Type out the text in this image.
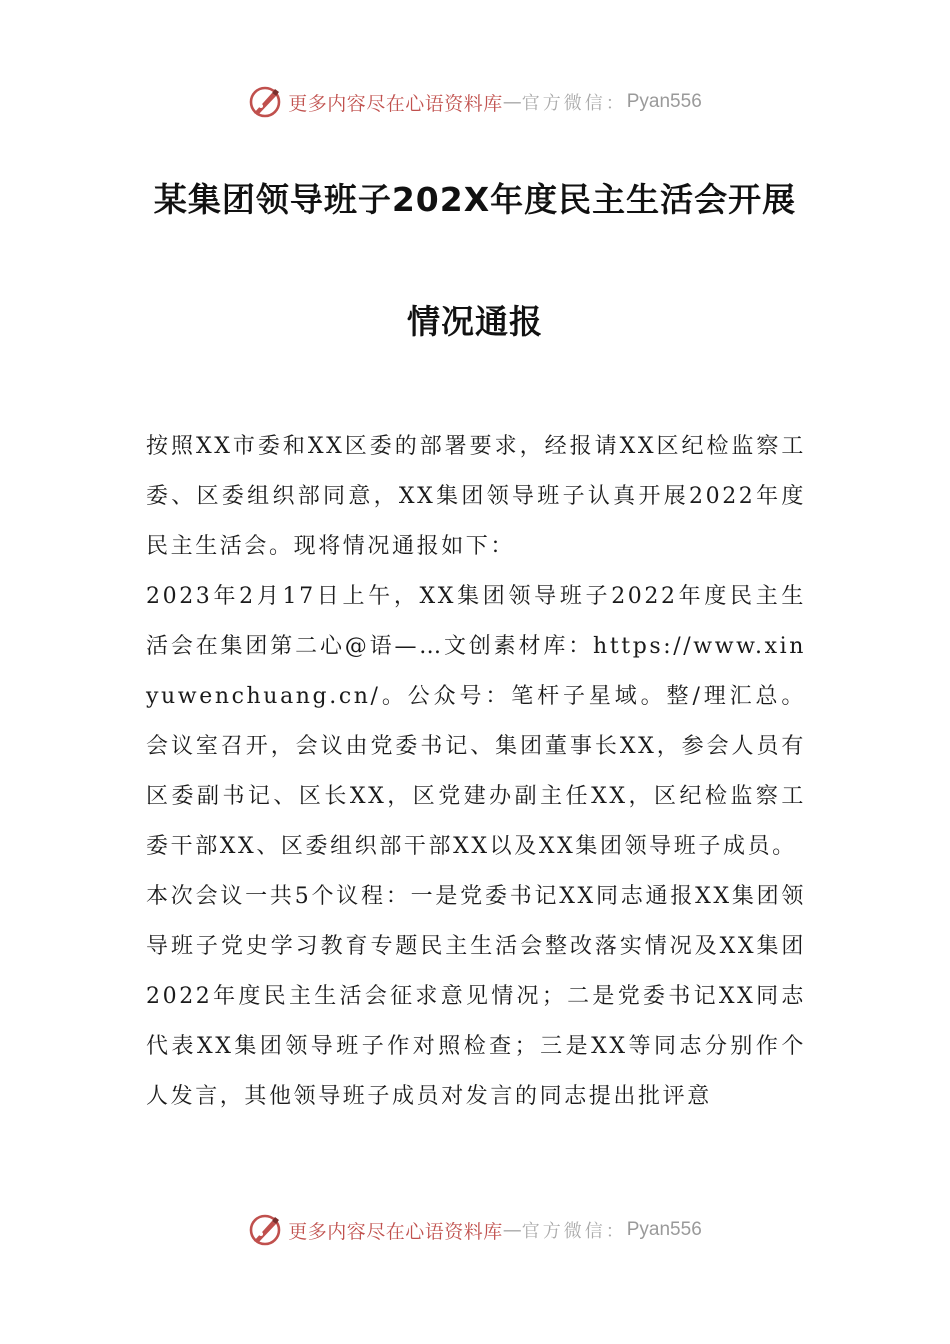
更多内容尽在心语资料库 — 官方微信： Pyan556
某集团领导班子202X年度民主生活会开展
情况通报

按照XX市委和XX区委的部署要求，经报请XX区纪检监察工委、区委组织部同意，XX集团领导班子认真开展2022年度民主生活会。现将情况通报如下：

2023年2月17日上午，XX集团领导班子2022年度民主生活会在集团第二心@语—…文创素材库：https://www.xinyuwenchuang.cn/。公众号：笔杆子星域。整/理汇总。会议室召开，会议由党委书记、集团董事长XX，参会人员有区委副书记、区长XX，区党建办副主任XX，区纪检监察工委干部XX、区委组织部干部XX以及XX集团领导班子成员。

本次会议一共5个议程：一是党委书记XX同志通报XX集团领导班子党史学习教育专题民主生活会整改落实情况及XX集团2022年度民主生活会征求意见情况；二是党委书记XX同志代表XX集团领导班子作对照检查；三是XX等同志分别作个人发言，其他领导班子成员对发言的同志提出批评意

更多内容尽在心语资料库 — 官方微信： Pyan556
